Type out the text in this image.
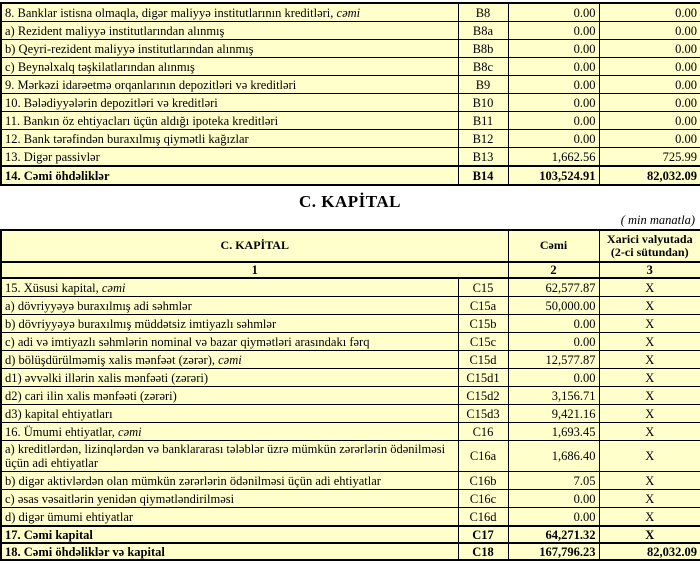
8. Banklar istisna olmaqla, digər maliyyə institutlarının kreditləri, cəmi	B8	0.00	0.00
a) Rezident maliyyə institutlarından alınmış	B8a	0.00	0.00
b) Qeyri-rezident maliyyə institutlarından alınmış	B8b	0.00	0.00
c) Beynəlxalq təşkilatlarından alınmış	B8c	0.00	0.00
9. Mərkəzi idarəetmə orqanlarının depozitləri və kreditləri	B9	0.00	0.00
10. Bələdiyyələrin depozitləri və kreditləri	B10	0.00	0.00
11. Bankın öz ehtiyacları üçün aldığı ipoteka kreditləri	B11	0.00	0.00
12. Bank tərəfindən buraxılmış qiymətli kağızlar	B12	0.00	0.00
13. Digər passivlər	B13	1,662.56	725.99
14. Cəmi öhdəliklər	B14	103,524.91	82,032.09
C. KAPİTAL
( min manatla)
C. KAPİTAL		Cəmi	Xarici valyutada (2-ci sütundan)
1		2	3
15. Xüsusi kapital, cəmi	C15	62,577.87	X
a) dövriyyəyə buraxılmış adi səhmlər	C15a	50,000.00	X
b) dövriyyəyə buraxılmış müddətsiz imtiyazlı səhmlər	C15b	0.00	X
c) adi və imtiyazlı səhmlərin nominal və bazar qiymətləri arasındakı fərq	C15c	0.00	X
d) bölüşdürülməmiş xalis mənfəət (zərər), cəmi	C15d	12,577.87	X
d1) əvvəlki illərin xalis mənfəəti (zərəri)	C15d1	0.00	X
d2) cari ilin xalis mənfəəti (zərəri)	C15d2	3,156.71	X
d3) kapital ehtiyatları	C15d3	9,421.16	X
16. Ümumi ehtiyatlar, cəmi	C16	1,693.45	X
a) kreditlərdən, lizinqlərdən və banklararası tələblər üzrə mümkün zərərlərin ödənilməsi üçün adi ehtiyatlar	C16a	1,686.40	X
b) digər aktivlərdən olan mümkün zərərlərin ödənilməsi üçün adi ehtiyatlar	C16b	7.05	X
c) əsas vəsaitlərin yenidən qiymətləndirilməsi	C16c	0.00	X
d) digər ümumi ehtiyatlar	C16d	0.00	X
17. Cəmi kapital	C17	64,271.32	X
18. Cəmi öhdəliklər və kapital	C18	167,796.23	82,032.09
